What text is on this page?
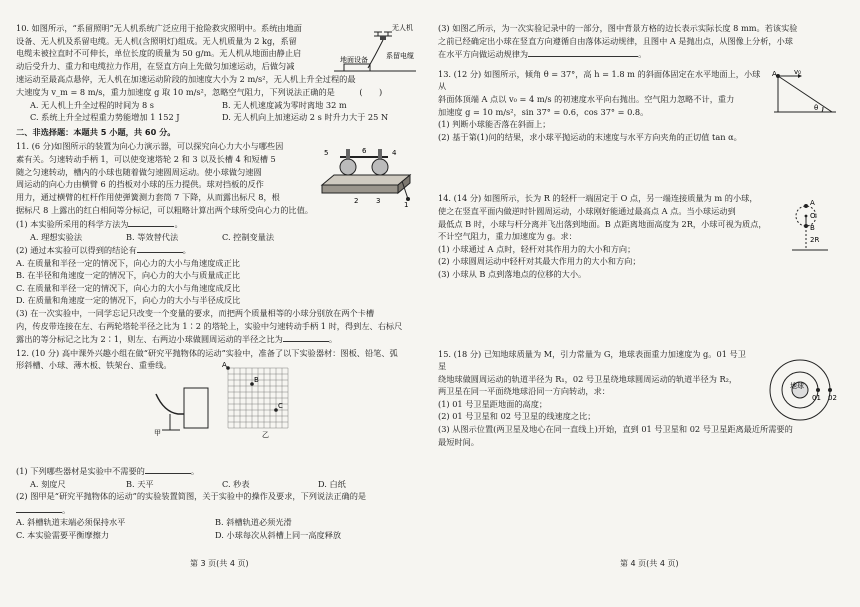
10. 如图所示，“系留照明”无人机系统广泛应用于抢险救灾照明中。系统由地面

设备、无人机及系留电缆。无人机(含照明灯)组成。无人机质量为 2 kg，系留

电缆未被拉直时不可伸长，单位长度的质量为 50 g/m。无人机从地面由静止启

动后受升力、重力和电缆拉力作用，在竖直方向上先做匀加速运动，后做匀减

速运动至最高点悬停，无人机在加速运动阶段的加速度大小为 2 m/s²，无人机上升全过程的最

大速度为 v_m = 8 m/s，重力加速度 g 取 10 m/s²，忽略空气阻力，下列说法正确的是　　　(　　)

A. 无人机上升全过程的时间为 8 s	B. 无人机速度减为零时离地 32 m
C. 系统上升全过程重力势能增加 1 152 J	D. 无人机向上加速运动 2 s 时升力大于 25 N
二、非选择题：本题共 5 小题，共 60 分。

11. (6 分)如图所示的装置为向心力演示器，可以探究向心力大小与哪些因

素有关。匀速转动手柄 1，可以使变速塔轮 2 和 3 以及长槽 4 和短槽 5

随之匀速转动，槽内的小球也随着做匀速圆周运动。使小球做匀速圆

周运动的向心力由横臂 6 的挡板对小球的压力提供。球对挡板的反作

用力，通过横臂的杠杆作用使弹簧测力套筒 7 下降，从而露出标尺 8，根

据标尺 8 上露出的红白相间等分标记，可以粗略计算出两个球所受向心力的比值。

(1) 本实验所采用的科学方法为	。

A. 理想实验法	B. 等效替代法	C. 控制变量法

(2) 通过本实验可以得到的结论有	。

A. 在质量和半径一定的情况下，向心力的大小与角速度成正比

B. 在半径和角速度一定的情况下，向心力的大小与质量成正比

C. 在质量和半径一定的情况下，向心力的大小与角速度成反比

D. 在质量和角速度一定的情况下，向心力的大小与半径成反比

(3) 在一次实验中，一同学忘记只改变一个变量的要求，而把两个质量相等的小球分别放在两个卡槽

内，传皮带连接在左、右两轮塔轮半径之比为 1∶2 的塔轮上，实验中匀速转动手柄 1 时，得到左、右标尺

露出的等分标记之比为 2∶1，则左、右两边小球做圆周运动的半径之比为	。

12. (10 分) 高中课外兴趣小组在做“研究平抛物体的运动”实验中，准备了以下实验器材：图板、铅笔、弧

形斜槽、小球、薄木板、铁架台、重垂线。

(1) 下列哪些器材是实验中不需要的	。

A. 刻度尺	B. 天平	C. 秒表	D. 白纸

(2) 图甲是“研究平抛物体的运动”的实验装置简图，关于实验中的操作及要求，下列说法正确的是

。

A. 斜槽轨道末端必须保持水平	B. 斜槽轨道必须光滑
C. 本实验需要平衡摩擦力	D. 小球每次从斜槽上同一高度释放
第 3 页(共 4 页)
无人机
地面设备	系留电缆
5	6	4
2	3	1
甲
A
B
C
乙

(3) 如图乙所示，为一次实验记录中的一部分，图中背景方格的边长表示实际长度 8 mm。若该实验

之前已经确定出小球在竖直方向遵循自由落体运动规律，且图中 A 是抛出点，从图像上分析，小球

在水平方向做运动规律为	。

13. (12 分) 如图所示，倾角 θ = 37°，高 h = 1.8 m 的斜面体固定在水平地面上，小球从

斜面体顶端 A 点以 v₀ = 4 m/s 的初速度水平向右抛出。空气阻力忽略不计，重力

加速度 g = 10 m/s²，sin 37° = 0.6，cos 37° = 0.8。

(1) 判断小球能否落在斜面上；

(2) 基于第(1)问的结果，求小球平抛运动的末速度与水平方向夹角的正切值 tan α。

14. (14 分) 如图所示，长为 R 的轻杆一端固定于 O 点，另一端连接质量为 m 的小球，

使之在竖直平面内做逆时针圆周运动，小球刚好能通过最高点 A 点。当小球运动到

最低点 B 时，小球与杆分离并飞出落到地面。B 点距离地面高度为 2R，小球可视为质点，

不计空气阻力，重力加速度为 g。求：

(1) 小球通过 A 点时，轻杆对其作用力的大小和方向；

(2) 小球圆周运动中轻杆对其最大作用力的大小和方向；

(3) 小球从 B 点到落地点的位移的大小。

15. (18 分) 已知地球质量为 M，引力常量为 G，地球表面重力加速度为 g。01 号卫星

绕地球做圆周运动的轨道半径为 R₁，02 号卫星绕地球圆周运动的轨道半径为 R₂，

两卫星在同一平面绕地球沿同一方向转动，求：

(1) 01 号卫星距地面的高度；

(2) 01 号卫星和 02 号卫星的线速度之比；

(3) 从图示位置(两卫星及地心在同一直线上)开始，直到 01 号卫星和 02 号卫星距离最近所需要的

最短时间。

第 4 页(共 4 页)
A v₀
θ
A
O
B
2R
地球
01 02
